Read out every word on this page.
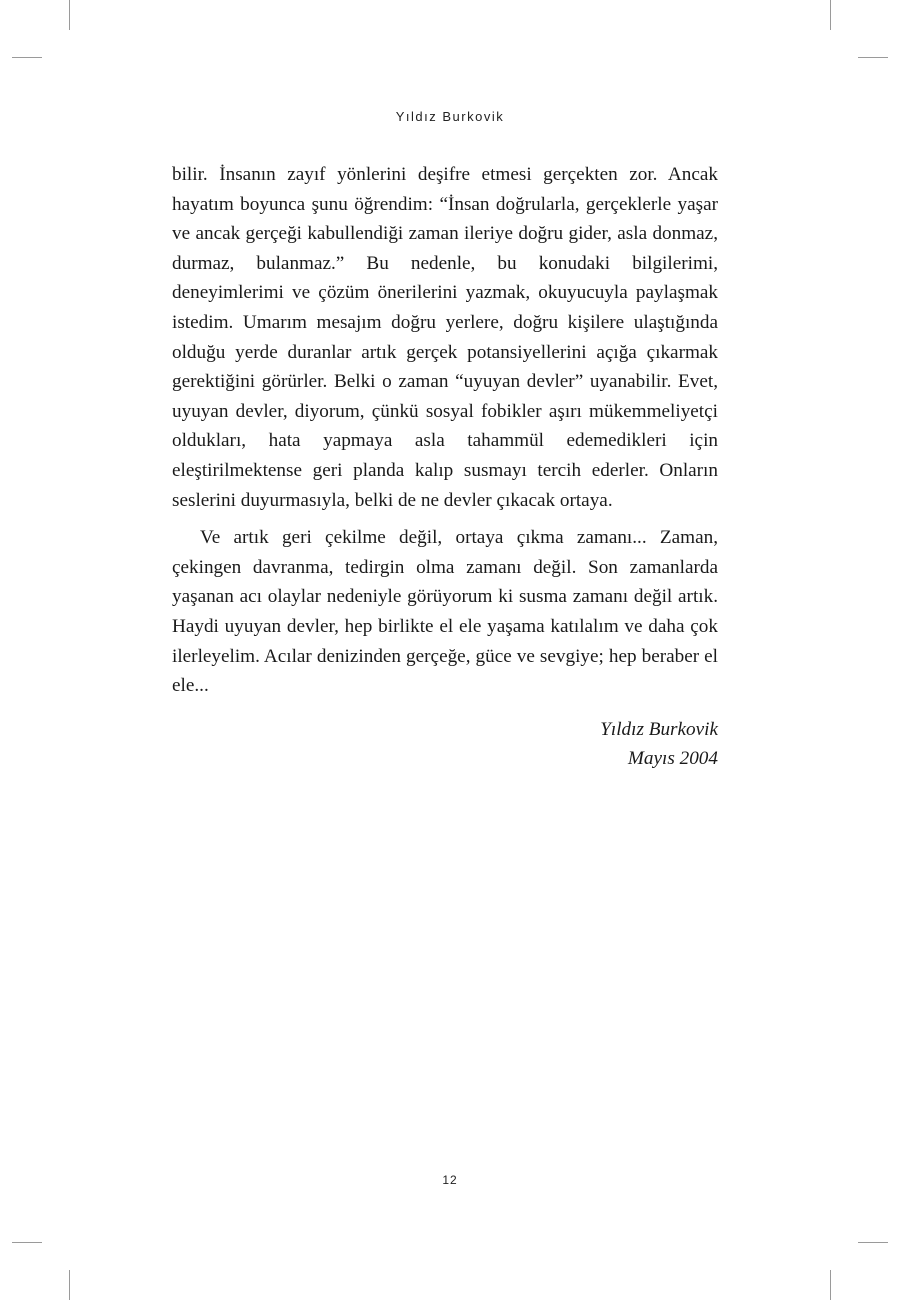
Yıldız Burkovik

bilir. İnsanın zayıf yönlerini deşifre etmesi gerçekten zor. Ancak hayatım boyunca şunu öğrendim: “İnsan doğrularla, gerçeklerle yaşar ve ancak gerçeği kabullendiği zaman ileriye doğru gider, asla donmaz, durmaz, bulanmaz.” Bu nedenle, bu konudaki bilgilerimi, deneyimlerimi ve çözüm önerilerini yazmak, okuyucuyla paylaşmak istedim. Umarım mesajım doğru yerlere, doğru kişilere ulaştığında olduğu yerde duranlar artık gerçek potansiyellerini açığa çıkarmak gerektiğini görürler. Belki o zaman “uyuyan devler” uyanabilir. Evet, uyuyan devler, diyorum, çünkü sosyal fobikler aşırı mükemmeliyetçi oldukları, hata yapmaya asla tahammül edemedikleri için eleştirilmektense geri planda kalıp susmayı tercih ederler. Onların seslerini duyurmasıyla, belki de ne devler çıkacak ortaya.

Ve artık geri çekilme değil, ortaya çıkma zamanı... Zaman, çekingen davranma, tedirgin olma zamanı değil. Son zamanlarda yaşanan acı olaylar nedeniyle görüyorum ki susma zamanı değil artık. Haydi uyuyan devler, hep birlikte el ele yaşama katılalım ve daha çok ilerleyelim. Acılar denizinden gerçeğe, güce ve sevgiye; hep beraber el ele...

Yıldız Burkovik
Mayıs 2004
12
